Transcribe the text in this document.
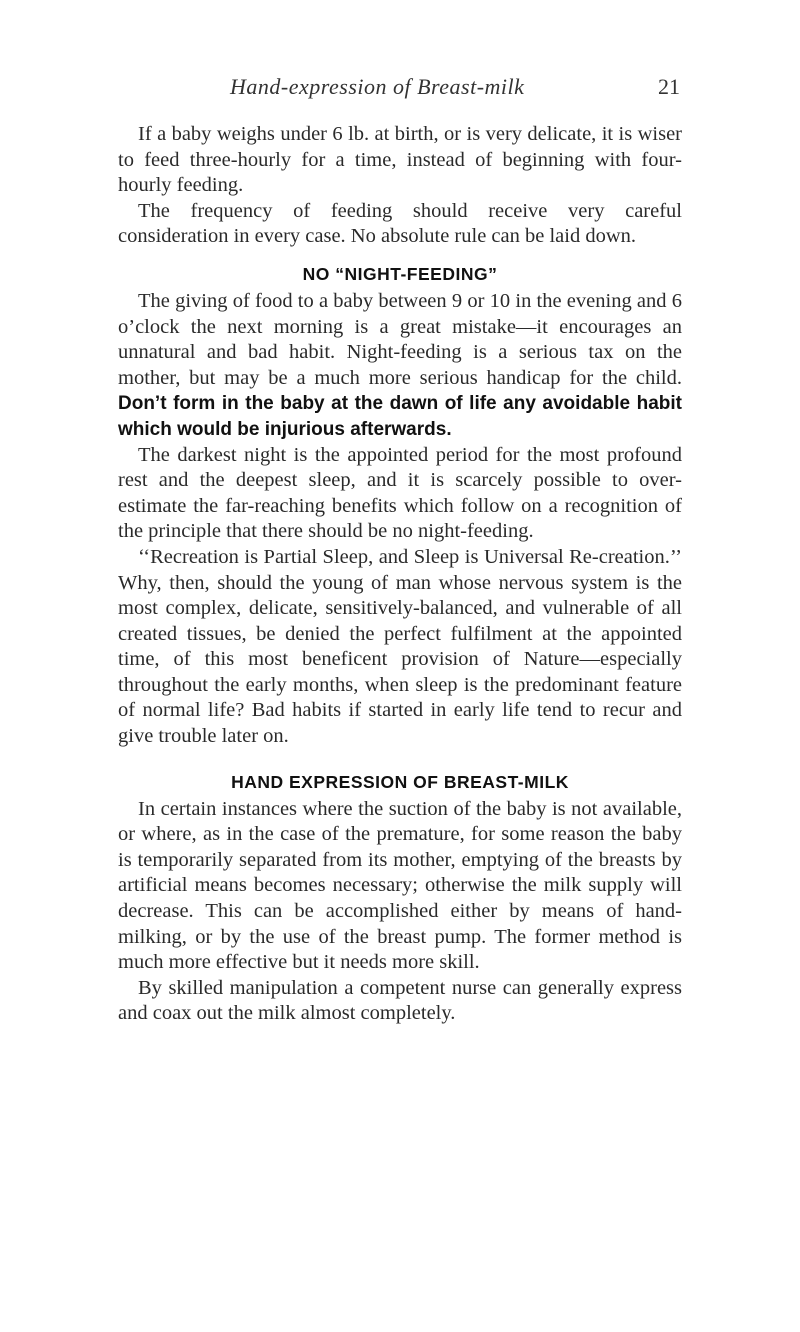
Hand-expression of Breast-milk	21

If a baby weighs under 6 lb. at birth, or is very delicate, it is wiser to feed three-hourly for a time, instead of beginning with four-hourly feeding.

The frequency of feeding should receive very careful consideration in every case. No absolute rule can be laid down.

NO “NIGHT-FEEDING”

The giving of food to a baby between 9 or 10 in the evening and 6 o’clock the next morning is a great mistake—it encourages an unnatural and bad habit. Night-feeding is a serious tax on the mother, but may be a much more serious handicap for the child. Don’t form in the baby at the dawn of life any avoidable habit which would be injurious afterwards.

The darkest night is the appointed period for the most profound rest and the deepest sleep, and it is scarcely possible to over-estimate the far-reaching benefits which follow on a recognition of the principle that there should be no night-feeding.

‘‘Recreation is Partial Sleep, and Sleep is Universal Re-creation.’’ Why, then, should the young of man whose nervous system is the most complex, delicate, sensitively-balanced, and vulnerable of all created tissues, be denied the perfect fulfilment at the appointed time, of this most beneficent provision of Nature—especially throughout the early months, when sleep is the predominant feature of normal life? Bad habits if started in early life tend to recur and give trouble later on.

HAND EXPRESSION OF BREAST-MILK

In certain instances where the suction of the baby is not available, or where, as in the case of the premature, for some reason the baby is temporarily separated from its mother, emptying of the breasts by artificial means becomes necessary; otherwise the milk supply will decrease. This can be accomplished either by means of hand-milking, or by the use of the breast pump. The former method is much more effective but it needs more skill.

By skilled manipulation a competent nurse can generally express and coax out the milk almost completely.
